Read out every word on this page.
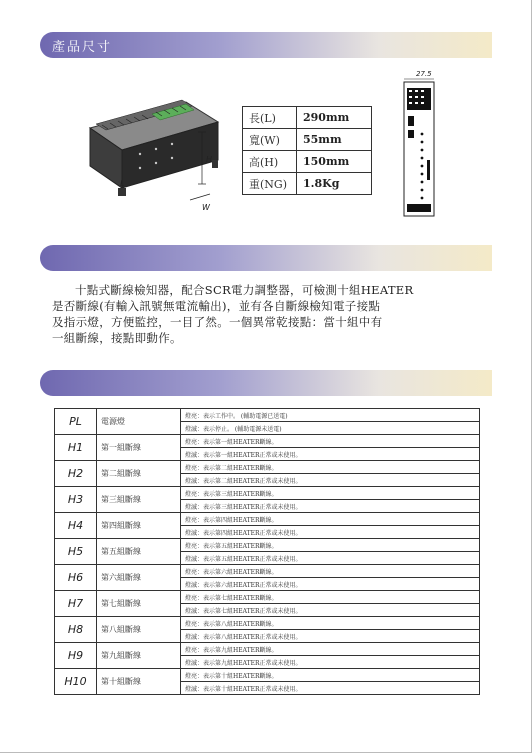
產品尺寸
H
L
W
長(L)	290mm
寬(W)	55mm
高(H)	150mm
重(NG)	1.8Kg
27.5

十點式斷線檢知器，配合SCR電力調整器，可檢測十組HEATER

是否斷線(有輸入訊號無電流輸出)，並有各自斷線檢知電子接點

及指示燈，方便監控，一目了然。一個異常乾接點：當十組中有

一組斷線，接點即動作。

PL	電源燈	燈亮：表示工作中。 (輔助電源已送電)
		燈滅：表示停止。 (輔助電源未送電)
H1	第一組斷線	燈亮：表示第一組HEATER斷線。
		燈滅：表示第一組HEATER正常或未使用。
H2	第二組斷線	燈亮：表示第二組HEATER斷線。
		燈滅：表示第二組HEATER正常或未使用。
H3	第三組斷線	燈亮：表示第三組HEATER斷線。
		燈滅：表示第三組HEATER正常或未使用。
H4	第四組斷線	燈亮：表示第四組HEATER斷線。
		燈滅：表示第四組HEATER正常或未使用。
H5	第五組斷線	燈亮：表示第五組HEATER斷線。
		燈滅：表示第五組HEATER正常或未使用。
H6	第六組斷線	燈亮：表示第六組HEATER斷線。
		燈滅：表示第六組HEATER正常或未使用。
H7	第七組斷線	燈亮：表示第七組HEATER斷線。
		燈滅：表示第七組HEATER正常或未使用。
H8	第八組斷線	燈亮：表示第八組HEATER斷線。
		燈滅：表示第八組HEATER正常或未使用。
H9	第九組斷線	燈亮：表示第九組HEATER斷線。
		燈滅：表示第九組HEATER正常或未使用。
H10	第十組斷線	燈亮：表示第十組HEATER斷線。
		燈滅：表示第十組HEATER正常或未使用。
